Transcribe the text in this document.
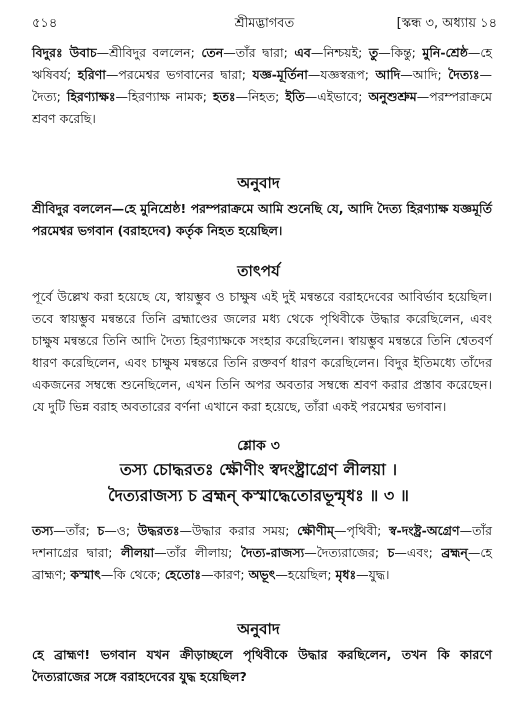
৫১৪	শ্রীমদ্ভাগবত	[স্কন্ধ ৩, অধ্যায় ১৪

বিদুরঃ উবাচ—শ্রীবিদুর বললেন; তেন—তাঁর দ্বারা; এব—নিশ্চয়ই; তু—কিন্তু; মুনি-শ্রেষ্ঠ—হে ঋষিবর্য; হরিণা—পরমেশ্বর ভগবানের দ্বারা; যজ্ঞ-মূর্তিনা—যজ্ঞস্বরূপ; আদি—আদি; দৈত্যঃ—দৈত্য; হিরণ্যাক্ষঃ—হিরণ্যাক্ষ নামক; হতঃ—নিহত; ইতি—এইভাবে; অনুশুশ্রুম—পরম্পরাক্রমে শ্রবণ করেছি।

অনুবাদ

শ্রীবিদুর বললেন—হে মুনিশ্রেষ্ঠ! পরম্পরাক্রমে আমি শুনেছি যে, আদি দৈত্য হিরণ্যাক্ষ যজ্ঞমূর্তি পরমেশ্বর ভগবান (বরাহদেব) কর্তৃক নিহত হয়েছিল।

তাৎপর্য

পূর্বে উল্লেখ করা হয়েছে যে, স্বায়ম্ভুব ও চাক্ষুষ এই দুই মন্বন্তরে বরাহদেবের আবির্ভাব হয়েছিল। তবে স্বায়ম্ভুব মন্বন্তরে তিনি ব্রহ্মাণ্ডের জলের মধ্য থেকে পৃথিবীকে উদ্ধার করেছিলেন, এবং চাক্ষুষ মন্বন্তরে তিনি আদি দৈত্য হিরণ্যাক্ষকে সংহার করেছিলেন। স্বায়ম্ভুব মন্বন্তরে তিনি শ্বেতবর্ণ ধারণ করেছিলেন, এবং চাক্ষুষ মন্বন্তরে তিনি রক্তবর্ণ ধারণ করেছিলেন। বিদুর ইতিমধ্যে তাঁদের একজনের সম্বন্ধে শুনেছিলেন, এখন তিনি অপর অবতার সম্বন্ধে শ্রবণ করার প্রস্তাব করেছেন। যে দুটি ভিন্ন বরাহ অবতারের বর্ণনা এখানে করা হয়েছে, তাঁরা একই পরমেশ্বর ভগবান।

শ্লোক ৩
তস্য চোদ্ধরতঃ ক্ষৌণীং স্বদংষ্ট্রাগ্রেণ লীলয়া ।
দৈত্যরাজস্য চ ব্রহ্মন্ কস্মাদ্ধেতোরভূন্মৃধঃ ॥ ৩ ॥

তস্য—তাঁর; চ—ও; উদ্ধরতঃ—উদ্ধার করার সময়; ক্ষৌণীম্—পৃথিবী; স্ব-দংষ্ট্র-অগ্রেণ—তাঁর দশনাগ্রের দ্বারা; লীলয়া—তাঁর লীলায়; দৈত্য-রাজস্য—দৈত্যরাজের; চ—এবং; ব্রহ্মন্—হে ব্রাহ্মণ; কস্মাৎ—কি থেকে; হেতোঃ—কারণ; অভূৎ—হয়েছিল; মৃধঃ—যুদ্ধ।

অনুবাদ

হে ব্রাহ্মণ! ভগবান যখন ক্রীড়াচ্ছলে পৃথিবীকে উদ্ধার করছিলেন, তখন কি কারণে দৈত্যরাজের সঙ্গে বরাহদেবের যুদ্ধ হয়েছিল?
